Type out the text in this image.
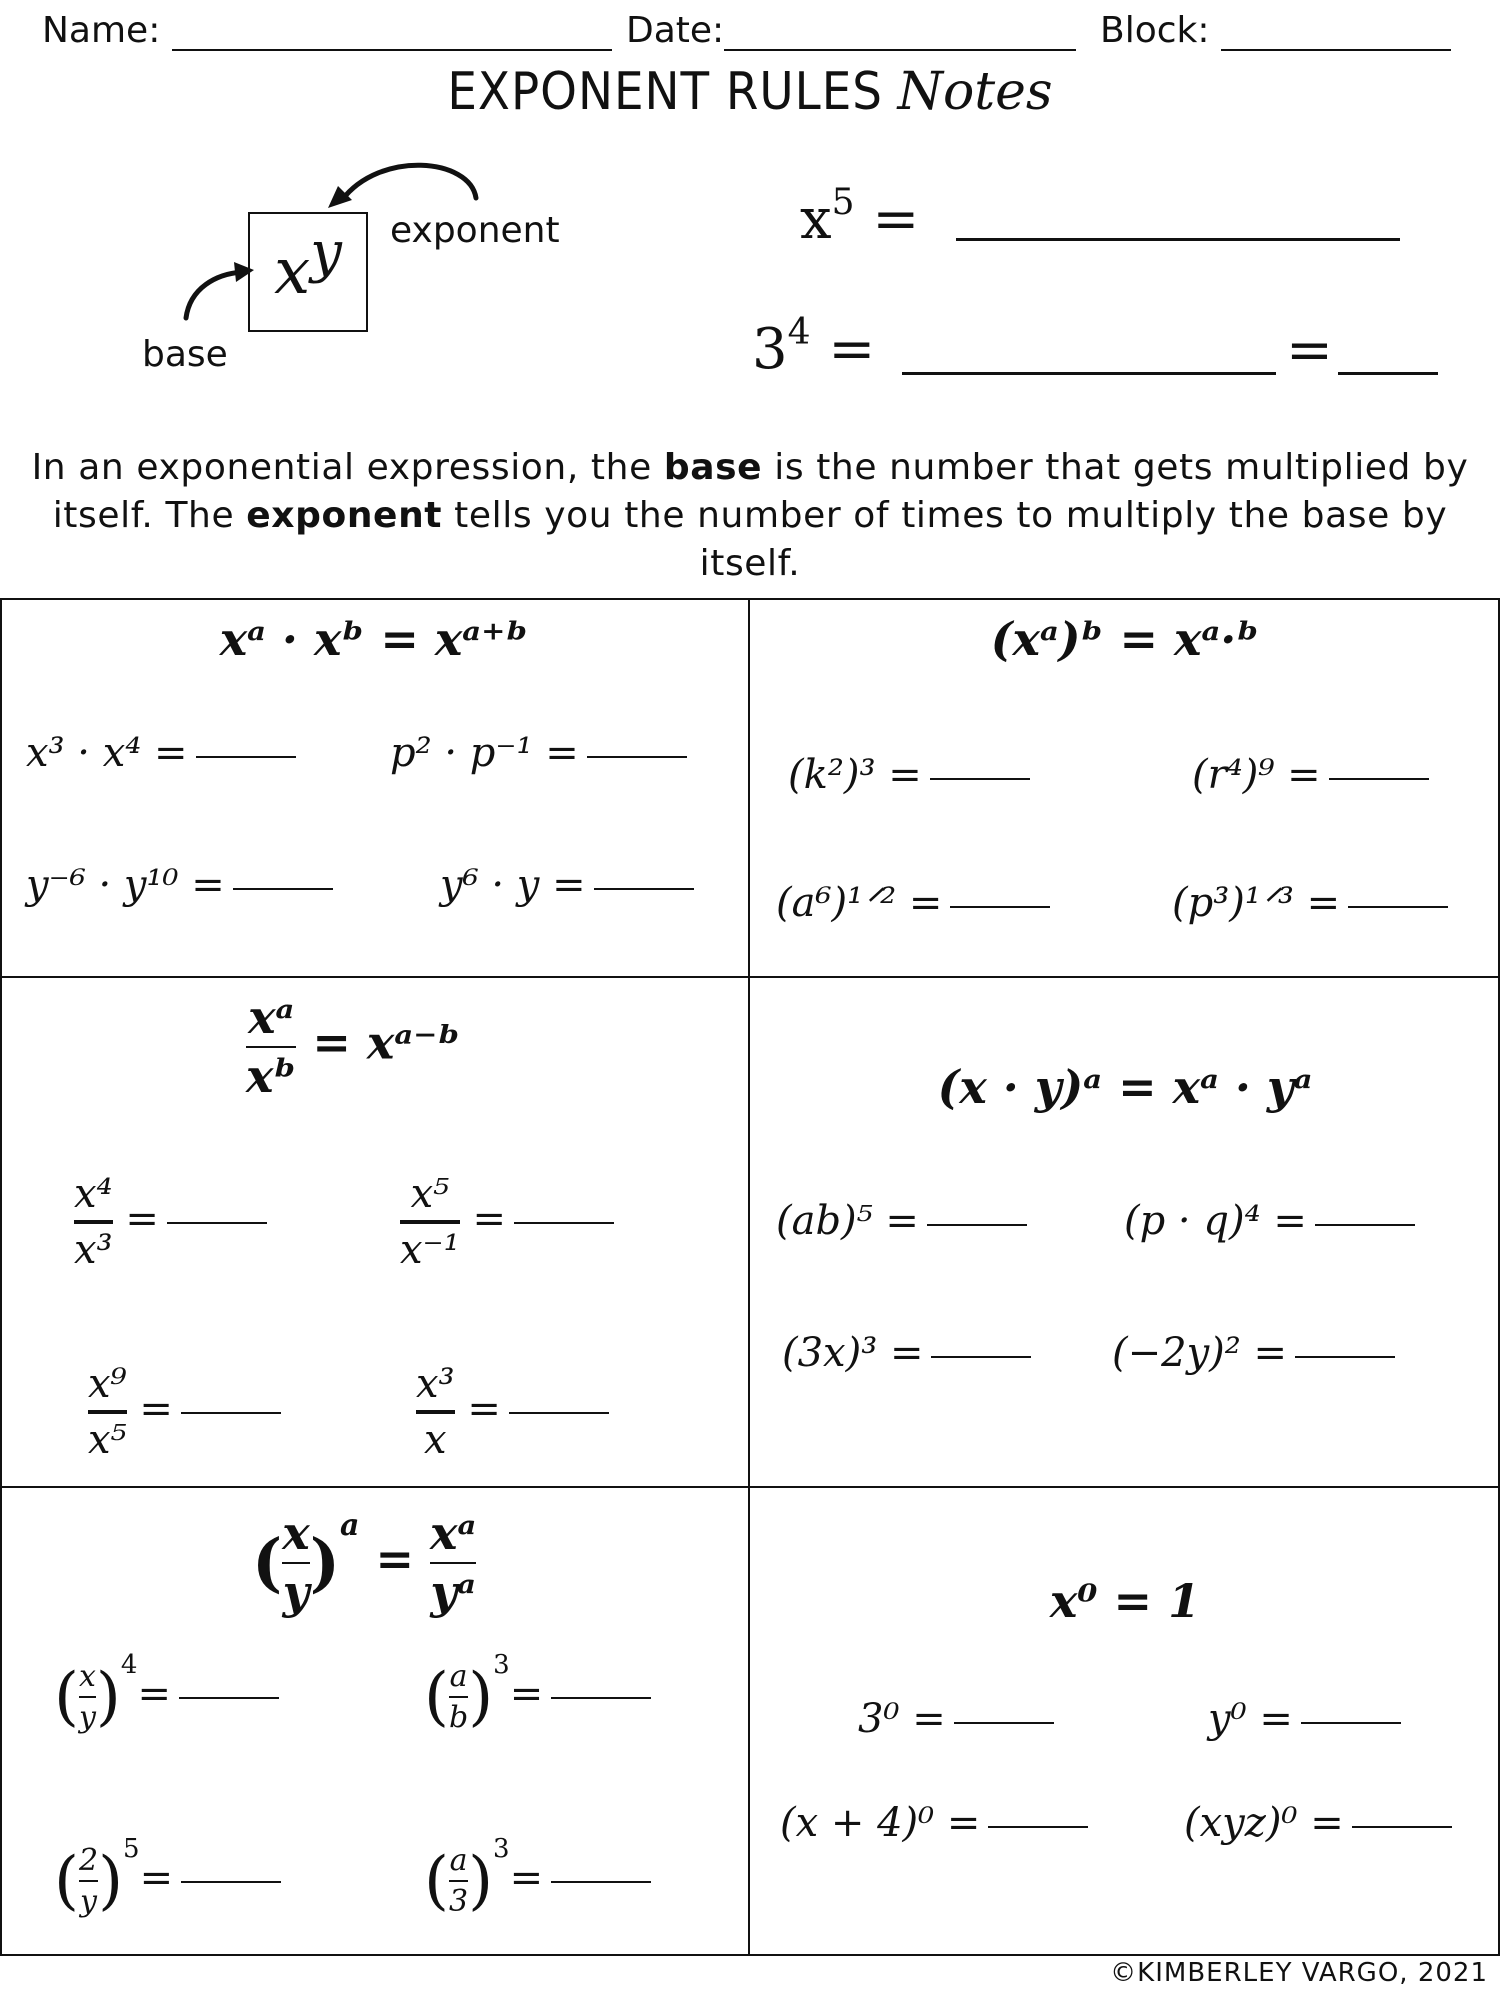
Name:	Date:	Block:
EXPONENT RULES Notes
$x^y$	exponent
base
$x^5$ =
$3^4$ =	=
In an exponential expression, the base is the number that gets multiplied by
itself. The exponent tells you the number of times to multiply the base by itself.
xᵃ · xᵇ = xᵃ⁺ᵇ
x³ · x⁴ =	p² · p⁻¹ =
y⁻⁶ · y¹⁰ =	y⁶ · y =
(xᵃ)ᵇ = xᵃ·ᵇ
(k²)³ =	(r⁴)⁹ =
(a⁶)¹ᐟ² =	(p³)¹ᐟ³ =
$\frac{\text{xᵃ}}{\text{xᵇ}}$ = xᵃ⁻ᵇ
$\frac{\text{x⁴}}{\text{x³}}$ =	$\frac{\text{x⁵}}{\text{x⁻¹}}$ =
$\frac{\text{x⁹}}{\text{x⁵}}$ =	$\frac{\text{x³}}{x}$ =
(x · y)ᵃ = xᵃ · yᵃ
(ab)⁵ =	(p · q)⁴ =
(3x)³ =	(−2y)² =
( $\frac{x}{y} )^a = \frac{\text{xᵃ}}{\text{yᵃ}}$
( $\frac{x}{y} )^4=$	( $\frac{a}{b} )^3=$
( $\frac{2}{y} )^5=$	( $\frac{a}{3} )^3=$
x⁰ = 1
3⁰ =	y⁰ =
(x + 4)⁰ =	(xyz)⁰ =
©KIMBERLEY VARGO, 2021
